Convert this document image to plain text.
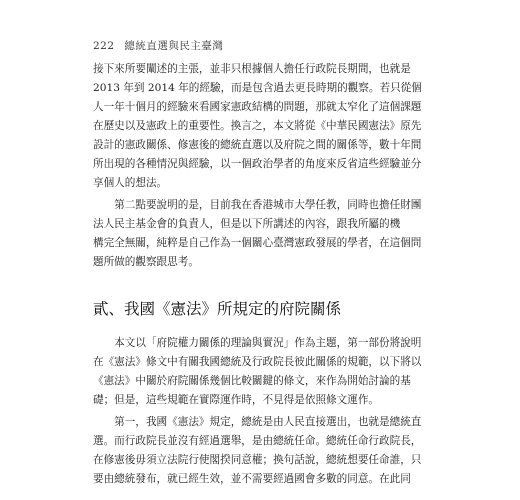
222 總統直選與民主臺灣
接下來所要闡述的主張，並非只根據個人擔任行政院長期間，也就是
2013 年到 2014 年的經驗，而是包含過去更長時期的觀察。若只從個
人一年十個月的經驗來看國家憲政結構的問題，那就太窄化了這個課題
在歷史以及憲政上的重要性。換言之，本文將從《中華民國憲法》原先
設計的憲政關係、修憲後的總統直選以及府院之間的關係等，數十年間
所出現的各種情況與經驗，以一個政治學者的角度來反省這些經驗並分
享個人的想法。
　　第二點要說明的是，目前我在香港城市大學任教，同時也擔任財團
法人民主基金會的負責人，但是以下所講述的內容，跟我所屬的機
構完全無關，純粹是自己作為一個關心臺灣憲政發展的學者，在這個問
題所做的觀察跟思考。
貳、我國《憲法》所規定的府院關係
　　本文以「府院權力關係的理論與實況」作為主題，第一部份將說明
在《憲法》條文中有關我國總統及行政院長彼此關係的規範，以下將以
《憲法》中關於府院關係幾個比較關鍵的條文，來作為開始討論的基
礎；但是，這些規範在實際運作時，不見得是依照條文運作。
　　第一，我國《憲法》規定，總統是由人民直接選出，也就是總統直
選。而行政院長並沒有經過選舉，是由總統任命。總統任命行政院長，
在修憲後毋須立法院行使閣揆同意權；換句話說，總統想要任命誰，只
要由總統發布，就已經生效，並不需要經過國會多數的同意。在此同
